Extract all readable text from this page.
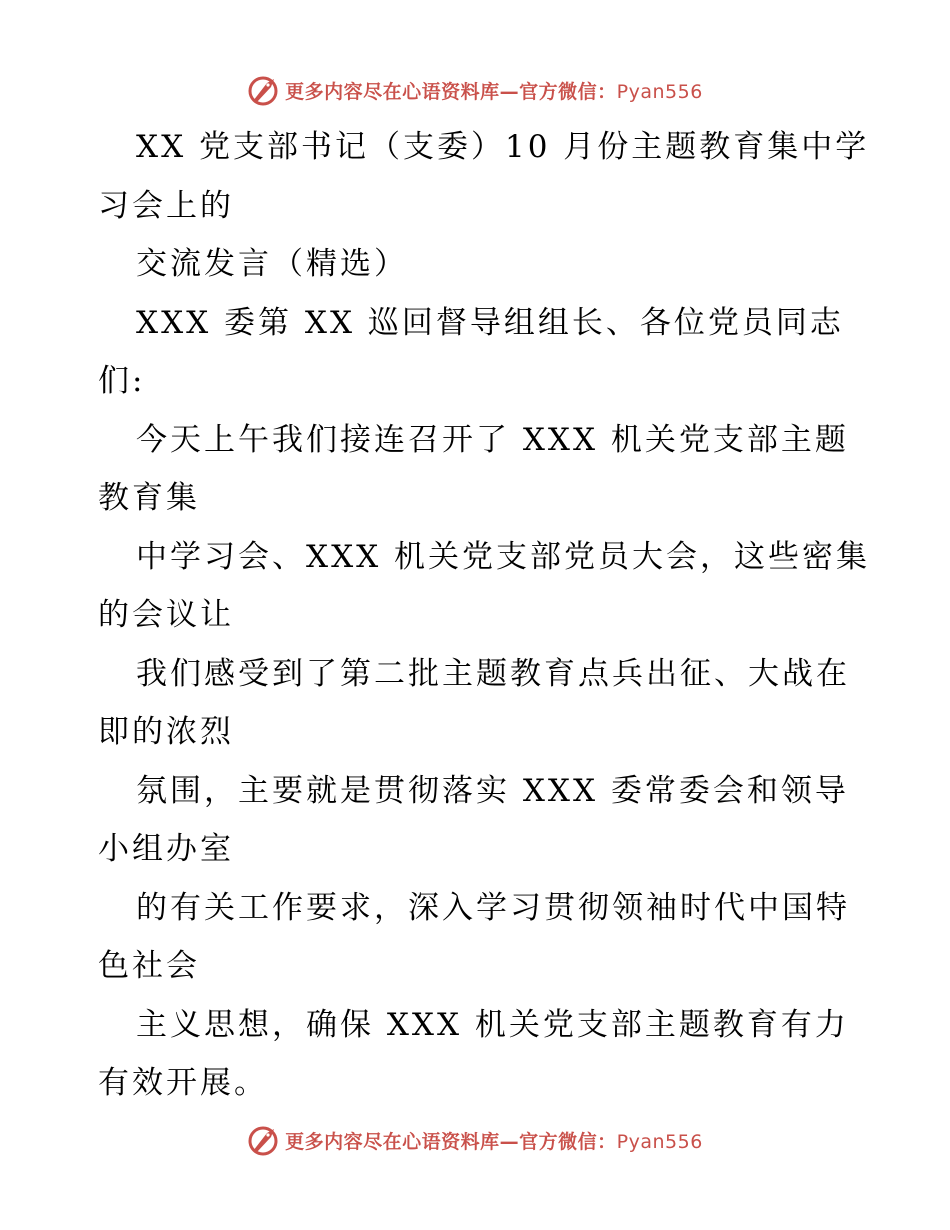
更多内容尽在心语资料库—官方微信：Pyan556
XX 党支部书记（支委）10 月份主题教育集中学
习会上的
交流发言（精选）
XXX 委第 XX 巡回督导组组长、各位党员同志
们:
今天上午我们接连召开了 XXX 机关党支部主题
教育集
中学习会、XXX 机关党支部党员大会，这些密集
的会议让
我们感受到了第二批主题教育点兵出征、大战在
即的浓烈
氛围，主要就是贯彻落实 XXX 委常委会和领导
小组办室
的有关工作要求，深入学习贯彻领袖时代中国特
色社会
主义思想，确保 XXX 机关党支部主题教育有力
有效开展。
更多内容尽在心语资料库—官方微信：Pyan556
